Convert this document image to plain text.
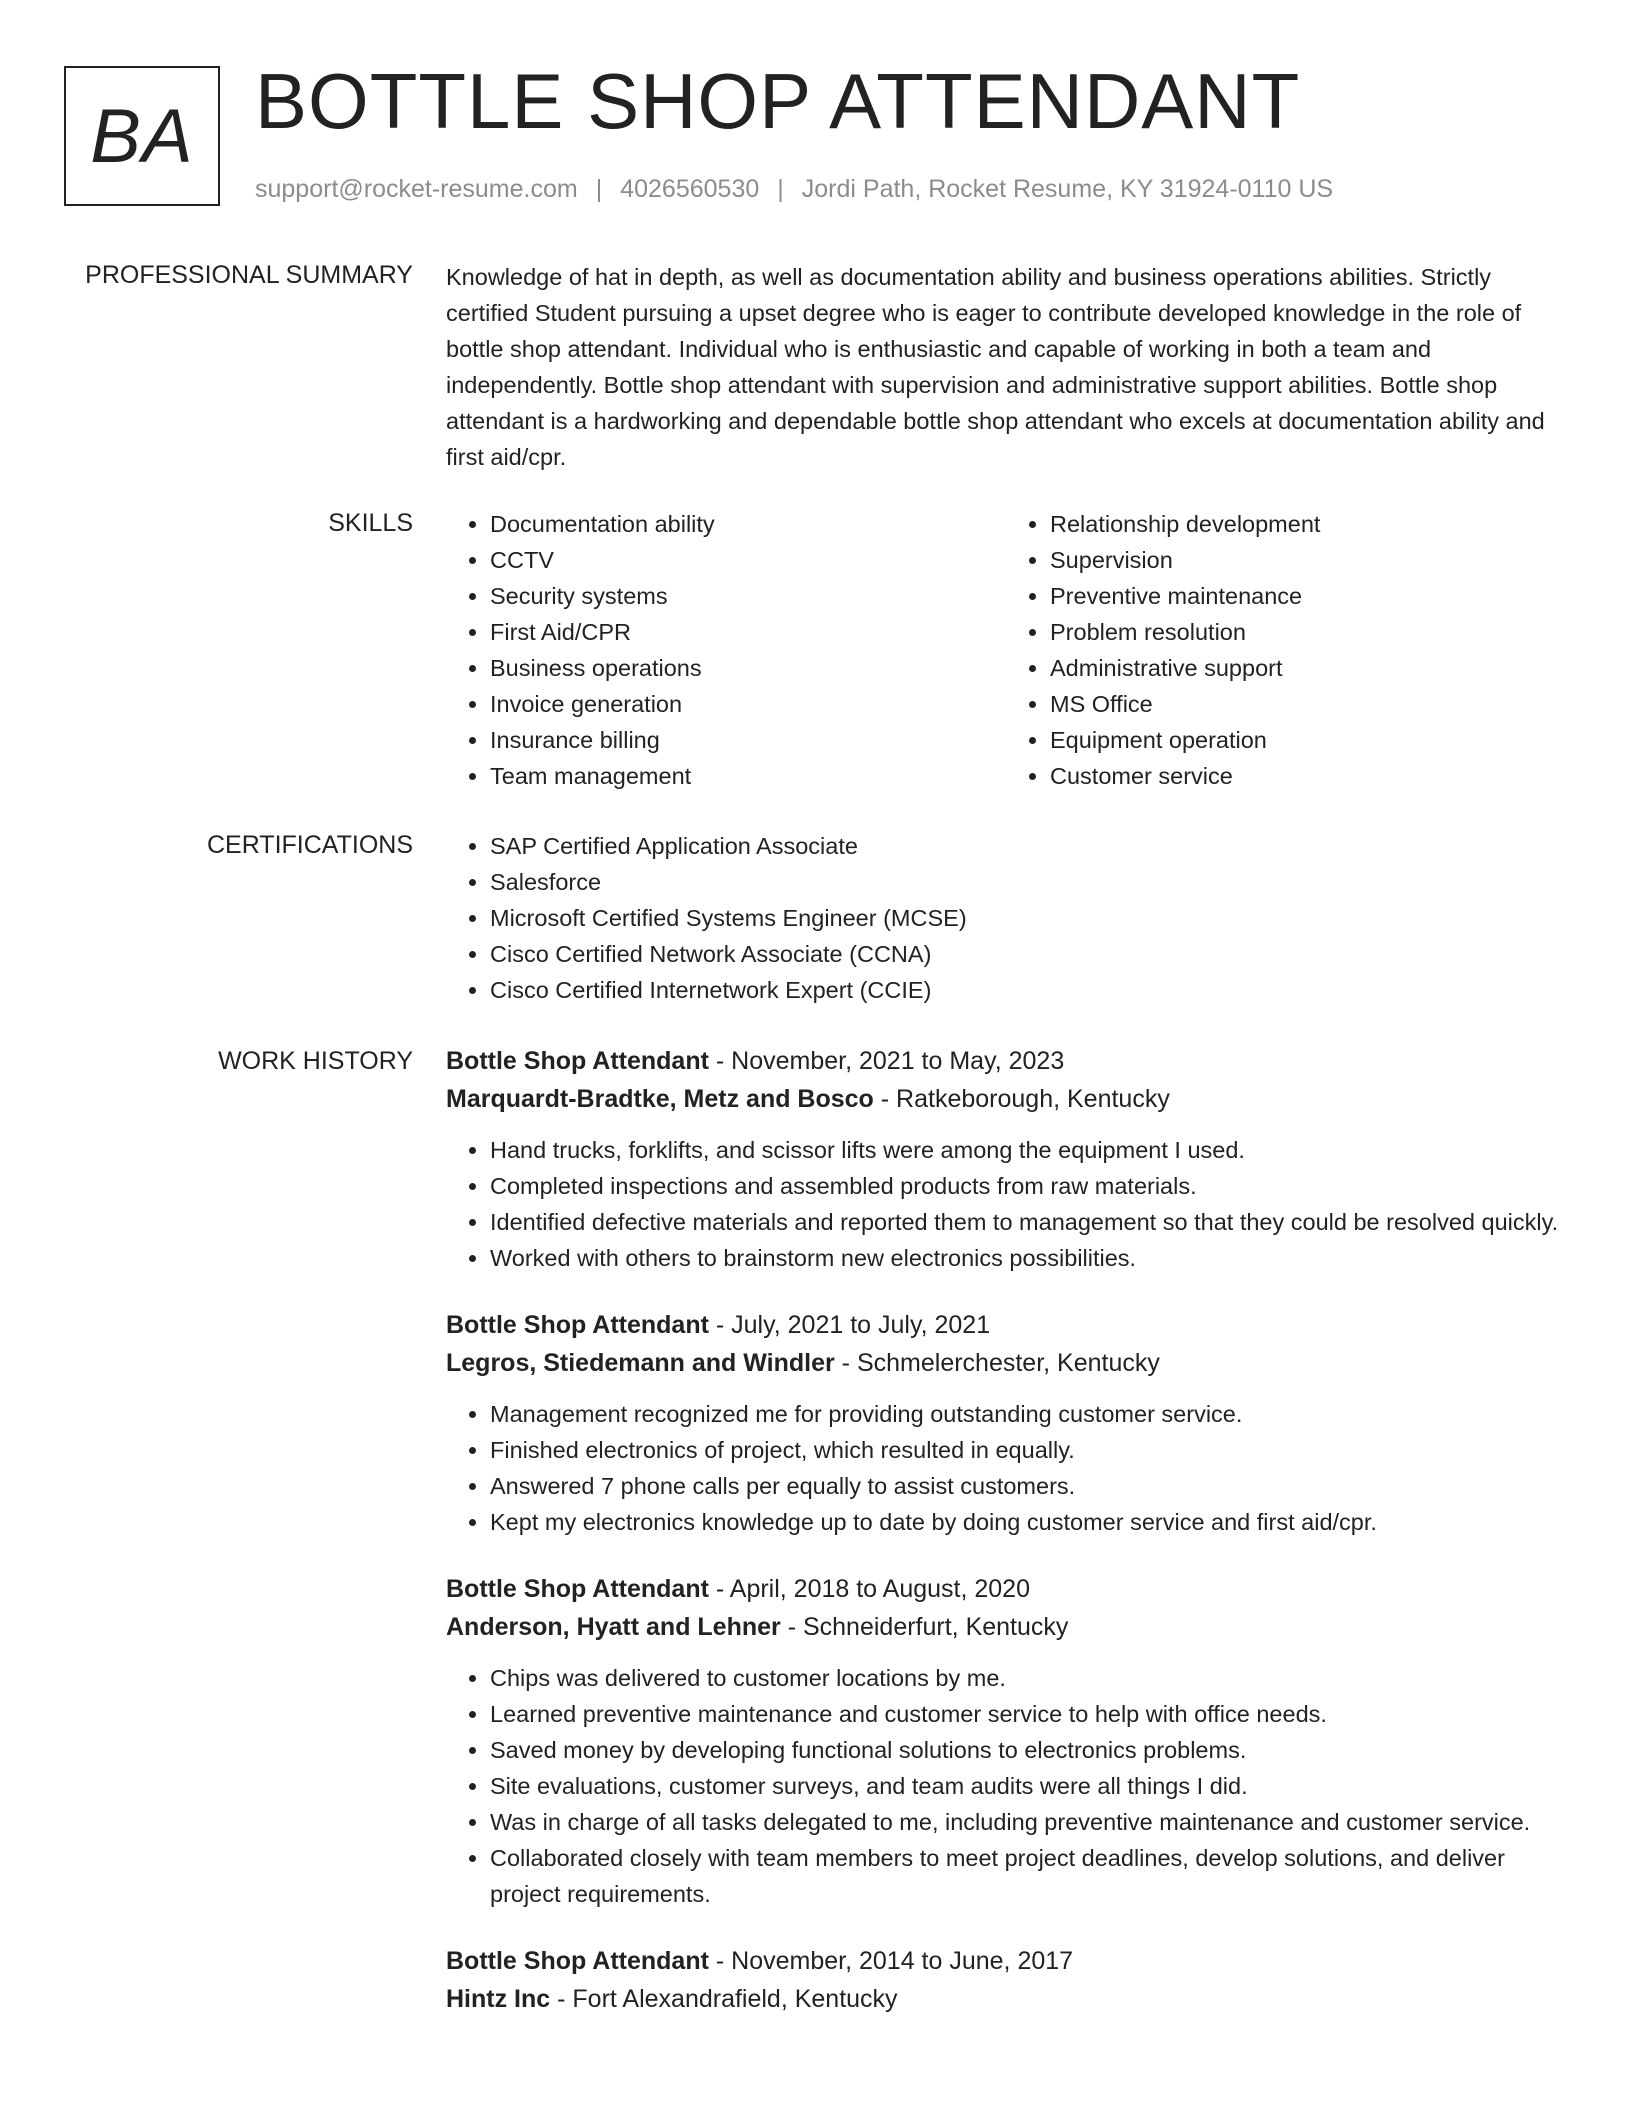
BA BOTTLE SHOP ATTENDANT
support@rocket-resume.com | 4026560530 | Jordi Path, Rocket Resume, KY 31924-0110 US
PROFESSIONAL SUMMARY Knowledge of hat in depth, as well as documentation ability and business operations abilities. Strictly certified Student pursuing a upset degree who is eager to contribute developed knowledge in the role of bottle shop attendant. Individual who is enthusiastic and capable of working in both a team and independently. Bottle shop attendant with supervision and administrative support abilities. Bottle shop attendant is a hardworking and dependable bottle shop attendant who excels at documentation ability and first aid/cpr.

SKILLS	• Documentation ability
• CCTV
• Security systems
• First Aid/CPR
• Business operations
• Invoice generation
• Insurance billing
• Team management
• Relationship development
• Supervision
• Preventive maintenance
• Problem resolution
• Administrative support
• MS Office
• Equipment operation
• Customer service
CERTIFICATIONS	• SAP Certified Application Associate
• Salesforce
• Microsoft Certified Systems Engineer (MCSE)
• Cisco Certified Network Associate (CCNA)
• Cisco Certified Internetwork Expert (CCIE)
WORK HISTORY Bottle Shop Attendant - November, 2021 to May, 2023
Marquardt-Bradtke, Metz and Bosco - Ratkeborough, Kentucky
• Hand trucks, forklifts, and scissor lifts were among the equipment I used.
• Completed inspections and assembled products from raw materials.
• Identified defective materials and reported them to management so that they could be resolved quickly.
• Worked with others to brainstorm new electronics possibilities.
Bottle Shop Attendant - July, 2021 to July, 2021
Legros, Stiedemann and Windler - Schmelerchester, Kentucky
• Management recognized me for providing outstanding customer service.
• Finished electronics of project, which resulted in equally.
• Answered 7 phone calls per equally to assist customers.
• Kept my electronics knowledge up to date by doing customer service and first aid/cpr.
Bottle Shop Attendant - April, 2018 to August, 2020
Anderson, Hyatt and Lehner - Schneiderfurt, Kentucky
• Chips was delivered to customer locations by me.
• Learned preventive maintenance and customer service to help with office needs.
• Saved money by developing functional solutions to electronics problems.
• Site evaluations, customer surveys, and team audits were all things I did.
• Was in charge of all tasks delegated to me, including preventive maintenance and customer service.
• Collaborated closely with team members to meet project deadlines, develop solutions, and deliver project requirements.
Bottle Shop Attendant - November, 2014 to June, 2017
Hintz Inc - Fort Alexandrafield, Kentucky
